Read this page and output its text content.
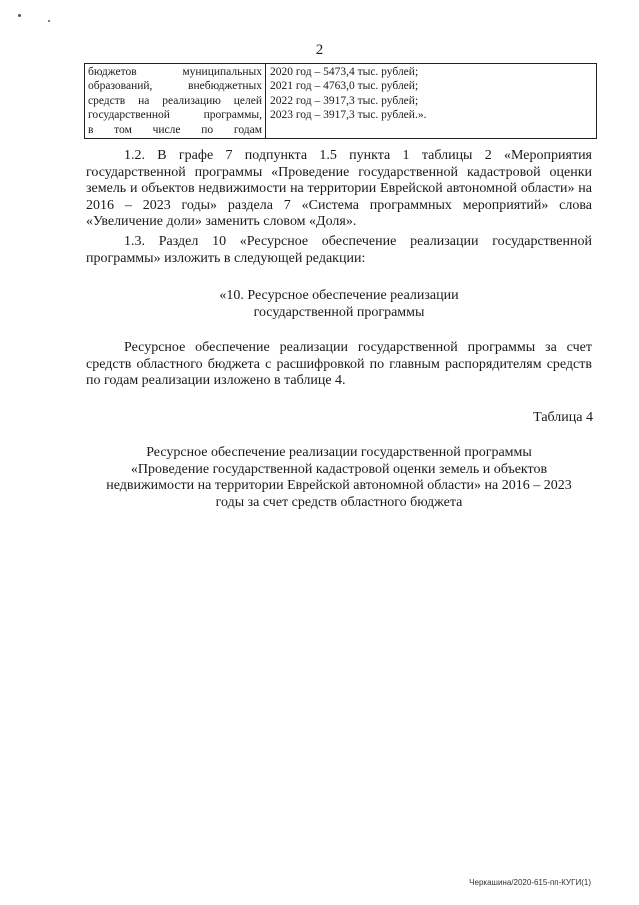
2
бюджетов муниципальных
образований, внебюджетных
средств на реализацию целей
государственной программы,
в том числе по годам

2020 год – 5473,4 тыс. рублей;
2021 год – 4763,0 тыс. рублей;
2022 год – 3917,3 тыс. рублей;
2023 год – 3917,3 тыс. рублей.».

1.2. В графе 7 подпункта 1.5 пункта 1 таблицы 2 «Мероприятия государственной программы «Проведение государственной кадастровой оценки земель и объектов недвижимости на территории Еврейской автономной области» на 2016 – 2023 годы» раздела 7 «Система программных мероприятий» слова «Увеличение доли» заменить словом «Доля».

1.3. Раздел 10 «Ресурсное обеспечение реализации государственной программы» изложить в следующей редакции:

«10. Ресурсное обеспечение реализации
государственной программы

Ресурсное обеспечение реализации государственной программы за счет средств областного бюджета с расшифровкой по главным распорядителям средств по годам реализации изложено в таблице 4.

Таблица 4
Ресурсное обеспечение реализации государственной программы
«Проведение государственной кадастровой оценки земель и объектов
недвижимости на территории Еврейской автономной области» на 2016 – 2023
годы за счет средств областного бюджета
Черкашина/2020-615-пп-КУГИ(1)
